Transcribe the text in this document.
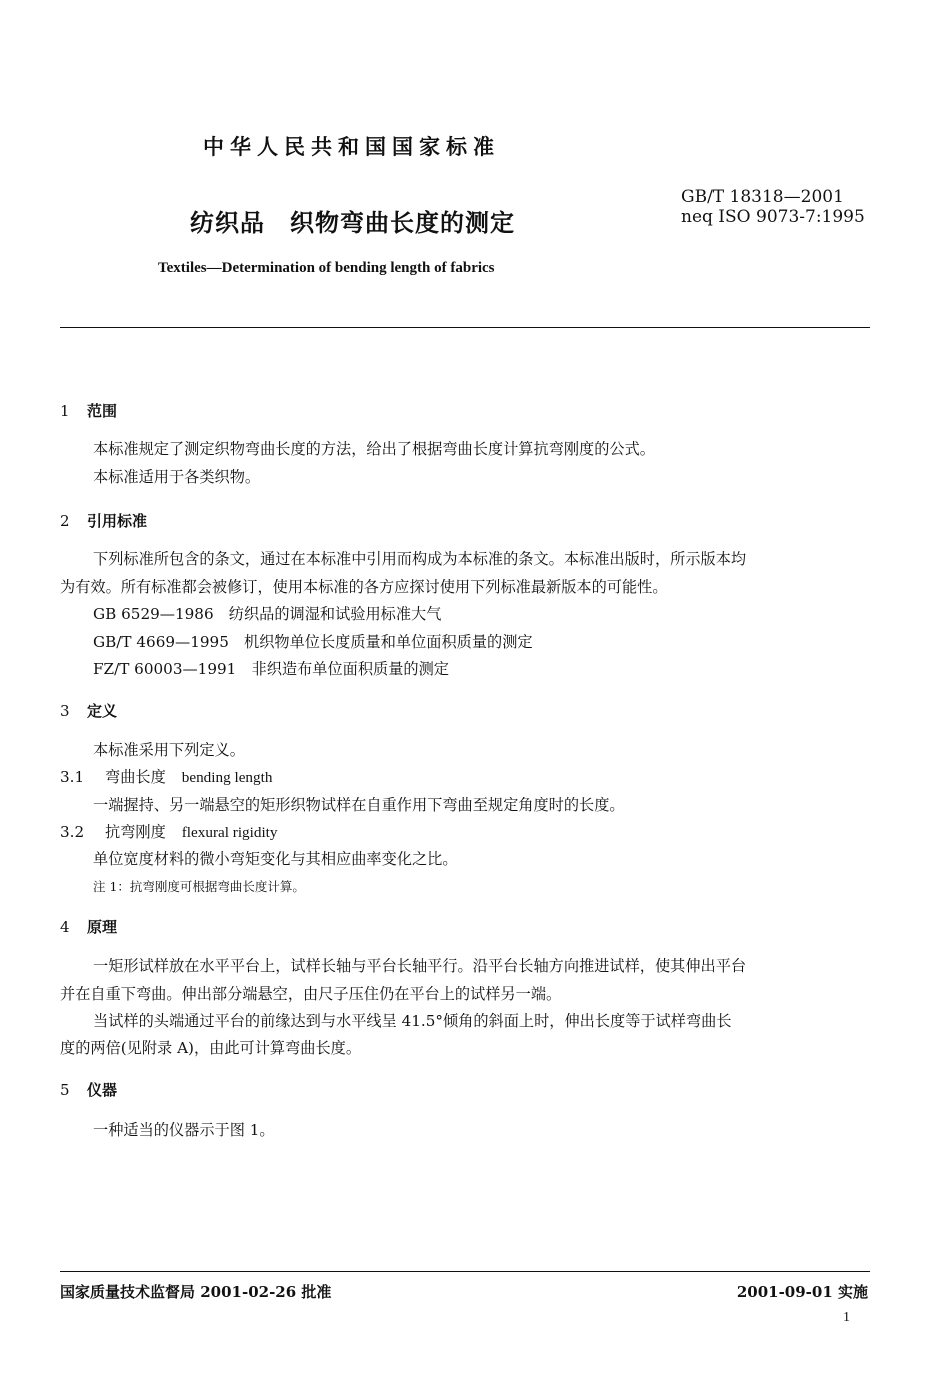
中华人民共和国国家标准
GB/T 18318—2001
neq ISO 9073-7:1995
纺织品　织物弯曲长度的测定
Textiles—Determination of bending length of fabrics
1 范围
本标准规定了测定织物弯曲长度的方法，给出了根据弯曲长度计算抗弯刚度的公式。
本标准适用于各类织物。
2 引用标准
下列标准所包含的条文，通过在本标准中引用而构成为本标准的条文。本标准出版时，所示版本均
为有效。所有标准都会被修订，使用本标准的各方应探讨使用下列标准最新版本的可能性。
GB 6529—1986　纺织品的调湿和试验用标准大气
GB/T 4669—1995　机织物单位长度质量和单位面积质量的测定
FZ/T 60003—1991　非织造布单位面积质量的测定
3 定义
本标准采用下列定义。
3.1 弯曲长度 bending length
一端握持、另一端悬空的矩形织物试样在自重作用下弯曲至规定角度时的长度。
3.2 抗弯刚度 flexural rigidity
单位宽度材料的微小弯矩变化与其相应曲率变化之比。
注 1：抗弯刚度可根据弯曲长度计算。
4 原理
一矩形试样放在水平平台上，试样长轴与平台长轴平行。沿平台长轴方向推进试样，使其伸出平台
并在自重下弯曲。伸出部分端悬空，由尺子压住仍在平台上的试样另一端。
当试样的头端通过平台的前缘达到与水平线呈 41.5°倾角的斜面上时，伸出长度等于试样弯曲长
度的两倍(见附录 A)，由此可计算弯曲长度。
5 仪器
一种适当的仪器示于图 1。
国家质量技术监督局 2001-02-26 批准	2001-09-01 实施
1
